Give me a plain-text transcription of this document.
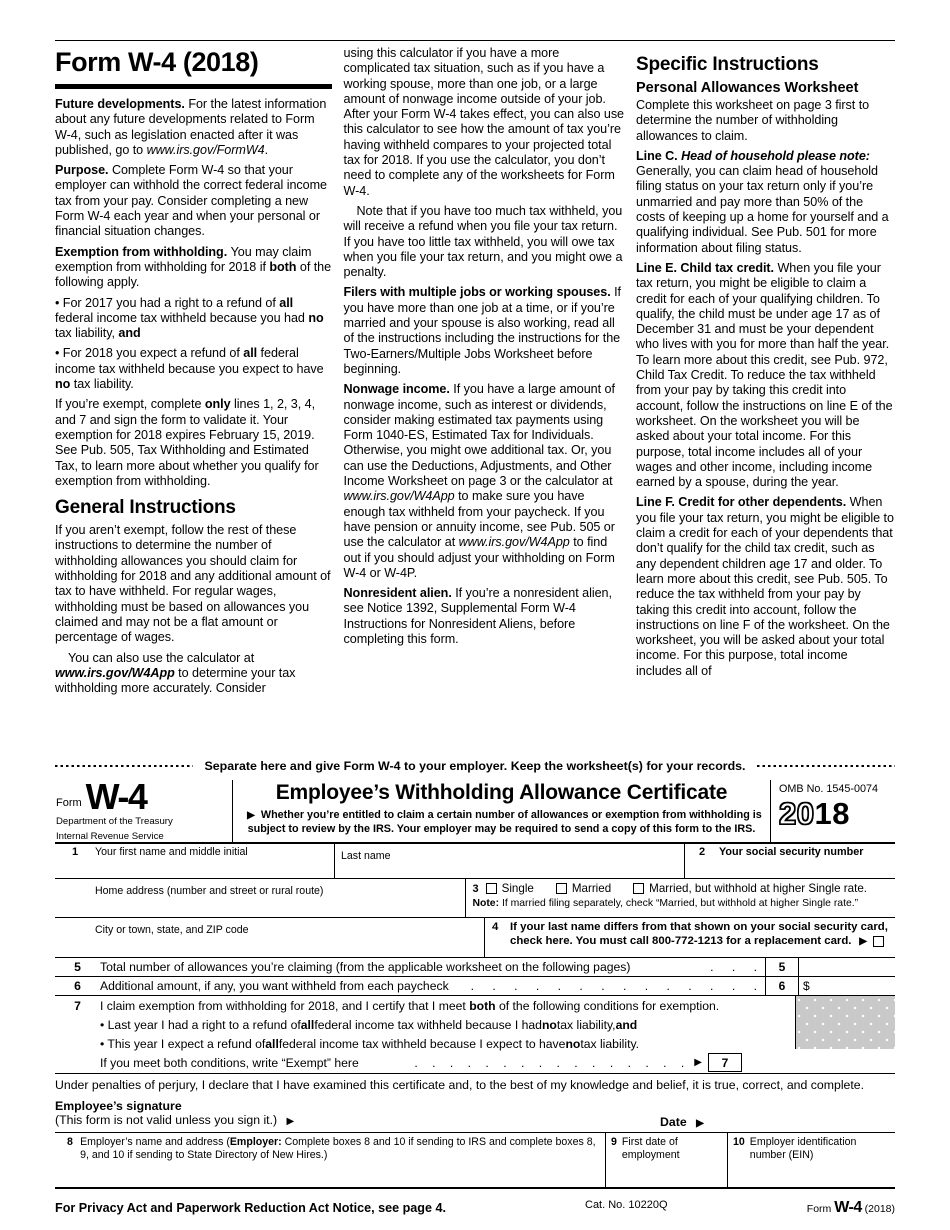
Form W-4 (2018)

Future developments. For the latest information about any future developments related to Form W-4, such as legislation enacted after it was published, go to www.irs.gov/FormW4.

Purpose. Complete Form W-4 so that your employer can withhold the correct federal income tax from your pay. Consider completing a new Form W-4 each year and when your personal or financial situation changes.

Exemption from withholding. You may claim exemption from withholding for 2018 if both of the following apply.

• For 2017 you had a right to a refund of all federal income tax withheld because you had no tax liability, and

• For 2018 you expect a refund of all federal income tax withheld because you expect to have no tax liability.

If you’re exempt, complete only lines 1, 2, 3, 4, and 7 and sign the form to validate it. Your exemption for 2018 expires February 15, 2019. See Pub. 505, Tax Withholding and Estimated Tax, to learn more about whether you qualify for exemption from withholding.

General Instructions

If you aren’t exempt, follow the rest of these instructions to determine the number of withholding allowances you should claim for withholding for 2018 and any additional amount of tax to have withheld. For regular wages, withholding must be based on allowances you claimed and may not be a flat amount or percentage of wages.

You can also use the calculator at www.irs.gov/W4App to determine your tax withholding more accurately. Consider

using this calculator if you have a more complicated tax situation, such as if you have a working spouse, more than one job, or a large amount of nonwage income outside of your job. After your Form W-4 takes effect, you can also use this calculator to see how the amount of tax you’re having withheld compares to your projected total tax for 2018. If you use the calculator, you don’t need to complete any of the worksheets for Form W-4.

Note that if you have too much tax withheld, you will receive a refund when you file your tax return. If you have too little tax withheld, you will owe tax when you file your tax return, and you might owe a penalty.

Filers with multiple jobs or working spouses. If you have more than one job at a time, or if you’re married and your spouse is also working, read all of the instructions including the instructions for the Two-Earners/Multiple Jobs Worksheet before beginning.

Nonwage income. If you have a large amount of nonwage income, such as interest or dividends, consider making estimated tax payments using Form 1040-ES, Estimated Tax for Individuals. Otherwise, you might owe additional tax. Or, you can use the Deductions, Adjustments, and Other Income Worksheet on page 3 or the calculator at www.irs.gov/W4App to make sure you have enough tax withheld from your paycheck. If you have pension or annuity income, see Pub. 505 or use the calculator at www.irs.gov/W4App to find out if you should adjust your withholding on Form W-4 or W-4P.

Nonresident alien. If you’re a nonresident alien, see Notice 1392, Supplemental Form W-4 Instructions for Nonresident Aliens, before completing this form.

Specific Instructions
Personal Allowances Worksheet

Complete this worksheet on page 3 first to determine the number of withholding allowances to claim.

Line C. Head of household please note: Generally, you can claim head of household filing status on your tax return only if you’re unmarried and pay more than 50% of the costs of keeping up a home for yourself and a qualifying individual. See Pub. 501 for more information about filing status.

Line E. Child tax credit. When you file your tax return, you might be eligible to claim a credit for each of your qualifying children. To qualify, the child must be under age 17 as of December 31 and must be your dependent who lives with you for more than half the year. To learn more about this credit, see Pub. 972, Child Tax Credit. To reduce the tax withheld from your pay by taking this credit into account, follow the instructions on line E of the worksheet. On the worksheet you will be asked about your total income. For this purpose, total income includes all of your wages and other income, including income earned by a spouse, during the year.

Line F. Credit for other dependents. When you file your tax return, you might be eligible to claim a credit for each of your dependents that don’t qualify for the child tax credit, such as any dependent children age 17 and older. To learn more about this credit, see Pub. 505. To reduce the tax withheld from your pay by taking this credit into account, follow the instructions on line F of the worksheet. On the worksheet, you will be asked about your total income. For this purpose, total income includes all of

Separate here and give Form W-4 to your employer. Keep the worksheet(s) for your records.
Form W-4
Department of the Treasury
Internal Revenue Service
Employee’s Withholding Allowance Certificate
▶ Whether you’re entitled to claim a certain number of allowances or exemption from withholding is subject to review by the IRS. Your employer may be required to send a copy of this form to the IRS.
OMB No. 1545-0074
2018
1	Your first name and middle initial	Last name	2	Your social security number
Home address (number and street or rural route)	3 Single	Married	Married, but withhold at higher Single rate.
Note: If married filing separately, check “Married, but withhold at higher Single rate.”
City or town, state, and ZIP code	4	If your last name differs from that shown on your social security card,
check here. You must call 800-772-1213 for a replacement card. ▶
5	Total number of allowances you’re claiming (from the applicable worksheet on the following pages)	. . .	5
6	Additional amount, if any, you want withheld from each paycheck	. . . . . . . . . . . . . .	6	$
7	I claim exemption from withholding for 2018, and I certify that I meet both of the following conditions for exemption.
• Last year I had a right to a refund of all federal income tax withheld because I had no tax liability, and
• This year I expect a refund of all federal income tax withheld because I expect to have no tax liability.
If you meet both conditions, write “Exempt” here	. . . . . . . . . . . . . . . .	▶	7
Under penalties of perjury, I declare that I have examined this certificate and, to the best of my knowledge and belief, it is true, correct, and complete.
Employee’s signature
(This form is not valid unless you sign it.) ▶	Date ▶
8 Employer’s name and address (Employer: Complete boxes 8 and 10 if sending to IRS and complete boxes 8, 9, and 10 if sending to State Directory of New Hires.)
9 First date of employment
10 Employer identification number (EIN)
For Privacy Act and Paperwork Reduction Act Notice, see page 4.	Cat. No. 10220Q	Form W-4 (2018)
